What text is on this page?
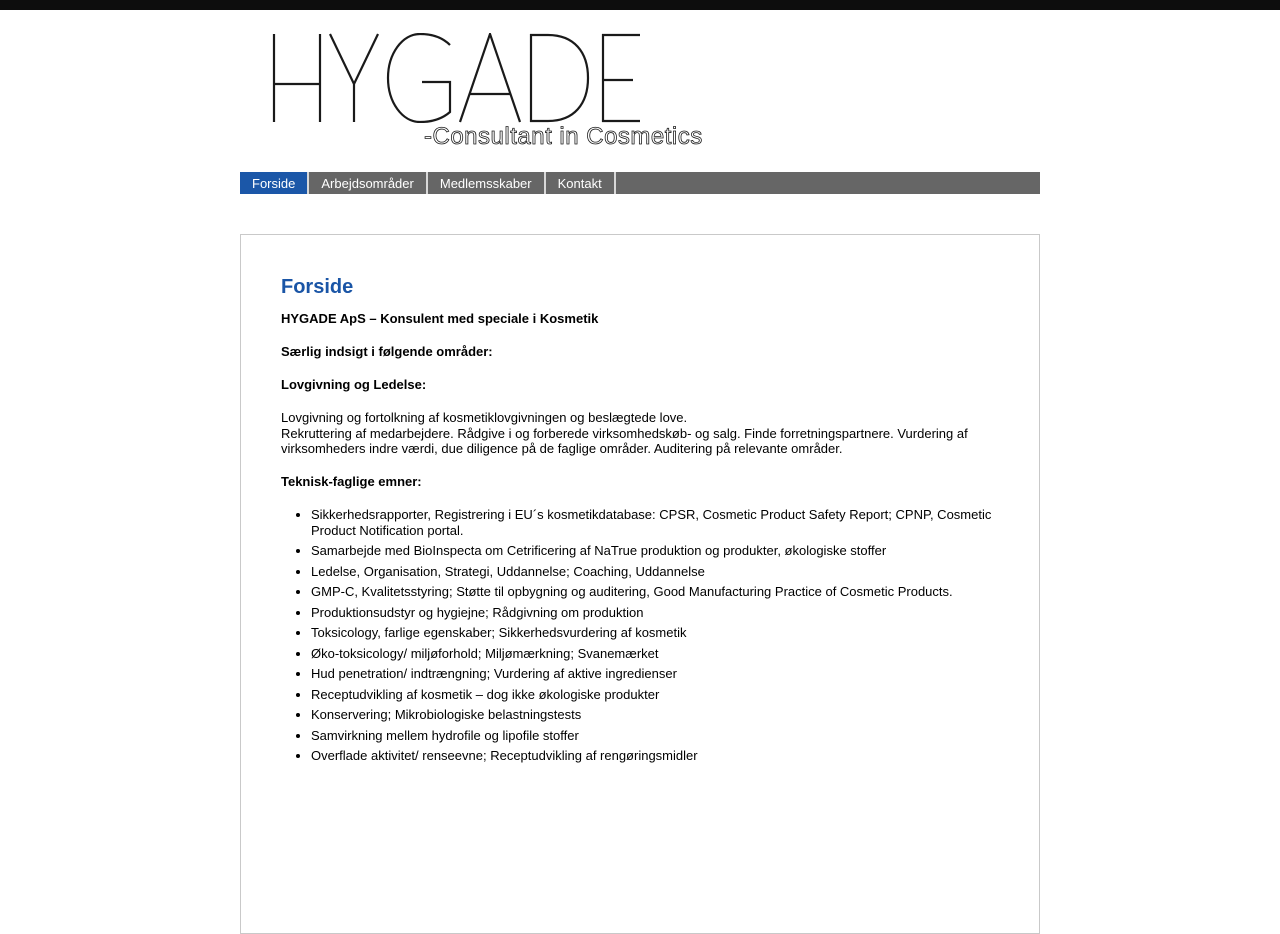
-Consultant in Cosmetics
Forside Arbejdsområder Medlemsskaber Kontakt
Forside

HYGADE ApS – Konsulent med speciale i Kosmetik

Særlig indsigt i følgende områder:

Lovgivning og Ledelse:

Lovgivning og fortolkning af kosmetiklovgivningen og beslægtede love.
Rekruttering af medarbejdere. Rådgive i og forberede virksomhedskøb- og salg. Finde forretningspartnere. Vurdering af virksomheders indre værdi, due diligence på de faglige områder. Auditering på relevante områder.

Teknisk-faglige emner:

• Sikkerhedsrapporter, Registrering i EU´s kosmetikdatabase: CPSR, Cosmetic Product Safety Report; CPNP, Cosmetic Product Notification portal.
• Samarbejde med BioInspecta om Cetrificering af NaTrue produktion og produkter, økologiske stoffer
• Ledelse, Organisation, Strategi, Uddannelse; Coaching, Uddannelse
• GMP-C, Kvalitetsstyring; Støtte til opbygning og auditering, Good Manufacturing Practice of Cosmetic Products.
• Produktionsudstyr og hygiejne; Rådgivning om produktion
• Toksicology, farlige egenskaber; Sikkerhedsvurdering af kosmetik
• Øko-toksicology/ miljøforhold; Miljømærkning; Svanemærket
• Hud penetration/ indtrængning; Vurdering af aktive ingredienser
• Receptudvikling af kosmetik – dog ikke økologiske produkter
• Konservering; Mikrobiologiske belastningstests
• Samvirkning mellem hydrofile og lipofile stoffer
• Overflade aktivitet/ renseevne; Receptudvikling af rengøringsmidler
